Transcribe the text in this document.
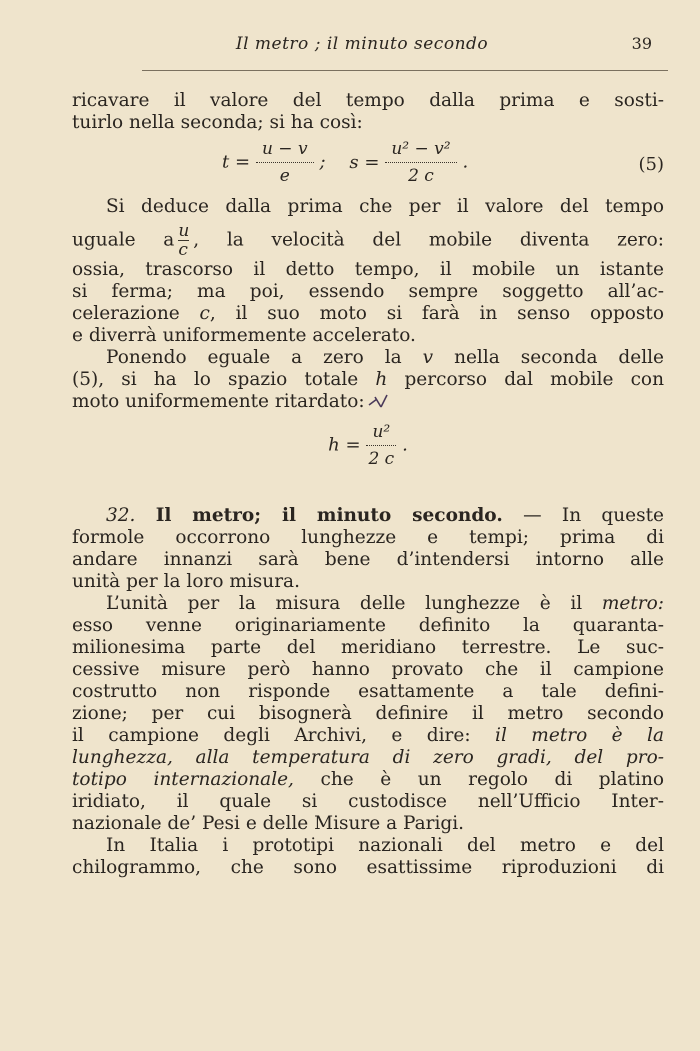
Il metro ; il minuto secondo	39
ricavare il valore del tempo dalla prima e sosti-
tuirlo nella seconda; si ha così:
$t = \frac{u - v}{e}$ ; $s = \frac{\text{u² − v²}}{2 c}$ .	(5)
Si deduce dalla prima che per il valore del tempo
uguale a $\frac{u}{c}$ , la velocità del mobile diventa zero:
ossia, trascorso il detto tempo, il mobile un istante
si ferma; ma poi, essendo sempre soggetto all’ac-
celerazione c, il suo moto si farà in senso opposto
e diverrà uniformemente accelerato.
Ponendo eguale a zero la v nella seconda delle
(5), si ha lo spazio totale h percorso dal mobile con
moto uniformemente ritardato:
$h = \frac{\text{u²}}{2 c}$ .
32. Il metro; il minuto secondo. — In queste
formole occorrono lunghezze e tempi; prima di
andare innanzi sarà bene d’intendersi intorno alle
unità per la loro misura.
L’unità per la misura delle lunghezze è il metro:
esso venne originariamente definito la quaranta-
milionesima parte del meridiano terrestre. Le suc-
cessive misure però hanno provato che il campione
costrutto non risponde esattamente a tale defini-
zione; per cui bisognerà definire il metro secondo
il campione degli Archivi, e dire: il metro è la
lunghezza, alla temperatura di zero gradi, del pro-
totipo internazionale, che è un regolo di platino
iridiato, il quale si custodisce nell’Ufficio Inter-
nazionale de’ Pesi e delle Misure a Parigi.
In Italia i prototipi nazionali del metro e del
chilogrammo, che sono esattissime riproduzioni di
